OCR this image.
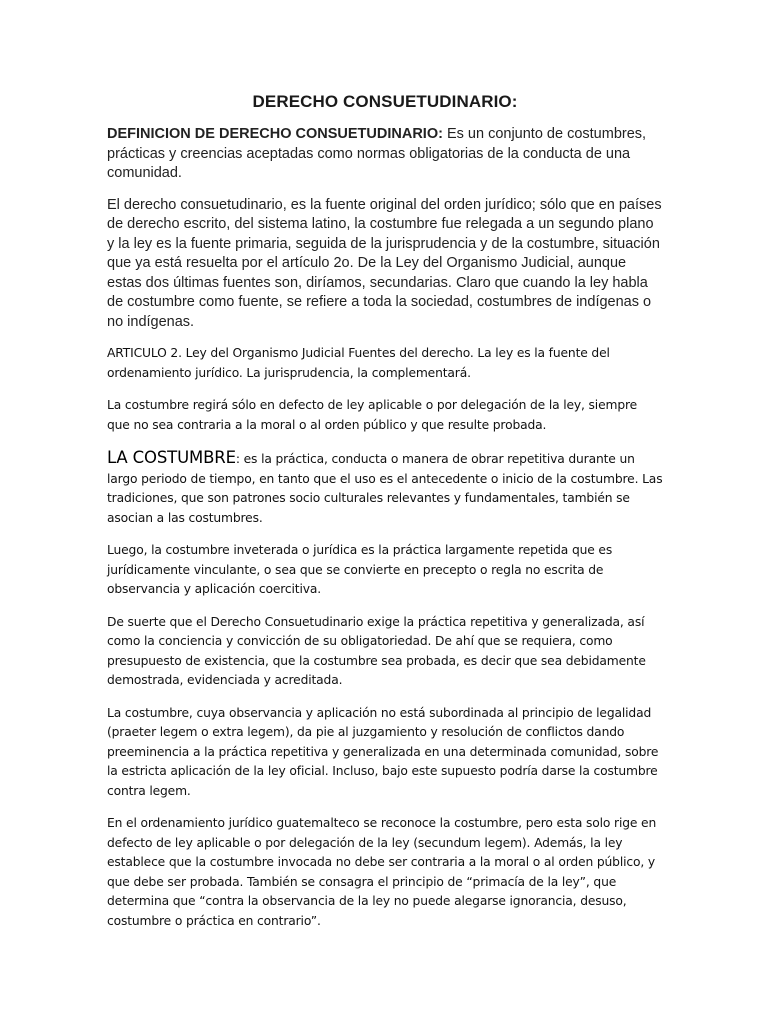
DERECHO CONSUETUDINARIO:

DEFINICION DE DERECHO CONSUETUDINARIO: Es un conjunto de costumbres, prácticas y creencias aceptadas como normas obligatorias de la conducta de una comunidad.

El derecho consuetudinario, es la fuente original del orden jurídico; sólo que en países de derecho escrito, del sistema latino, la costumbre fue relegada a un segundo plano y la ley es la fuente primaria, seguida de la jurisprudencia y de la costumbre, situación que ya está resuelta por el artículo 2o. De la Ley del Organismo Judicial, aunque estas dos últimas fuentes son, diríamos, secundarias. Claro que cuando la ley habla de costumbre como fuente, se refiere a toda la sociedad, costumbres de indígenas o no indígenas.

ARTICULO 2. Ley del Organismo Judicial Fuentes del derecho. La ley es la fuente del ordenamiento jurídico. La jurisprudencia, la complementará.

La costumbre regirá sólo en defecto de ley aplicable o por delegación de la ley, siempre que no sea contraria a la moral o al orden público y que resulte probada.

LA COSTUMBRE: es la práctica, conducta o manera de obrar repetitiva durante un largo periodo de tiempo, en tanto que el uso es el antecedente o inicio de la costumbre. Las tradiciones, que son patrones socio culturales relevantes y fundamentales, también se asocian a las costumbres.

Luego, la costumbre inveterada o jurídica es la práctica largamente repetida que es jurídicamente vinculante, o sea que se convierte en precepto o regla no escrita de observancia y aplicación coercitiva.

De suerte que el Derecho Consuetudinario exige la práctica repetitiva y generalizada, así como la conciencia y convicción de su obligatoriedad. De ahí que se requiera, como presupuesto de existencia, que la costumbre sea probada, es decir que sea debidamente demostrada, evidenciada y acreditada.

La costumbre, cuya observancia y aplicación no está subordinada al principio de legalidad (praeter legem o extra legem), da pie al juzgamiento y resolución de conflictos dando preeminencia a la práctica repetitiva y generalizada en una determinada comunidad, sobre la estricta aplicación de la ley oficial. Incluso, bajo este supuesto podría darse la costumbre contra legem.

En el ordenamiento jurídico guatemalteco se reconoce la costumbre, pero esta solo rige en defecto de ley aplicable o por delegación de la ley (secundum legem). Además, la ley establece que la costumbre invocada no debe ser contraria a la moral o al orden público, y que debe ser probada. También se consagra el principio de “primacía de la ley”, que determina que “contra la observancia de la ley no puede alegarse ignorancia, desuso, costumbre o práctica en contrario”.
